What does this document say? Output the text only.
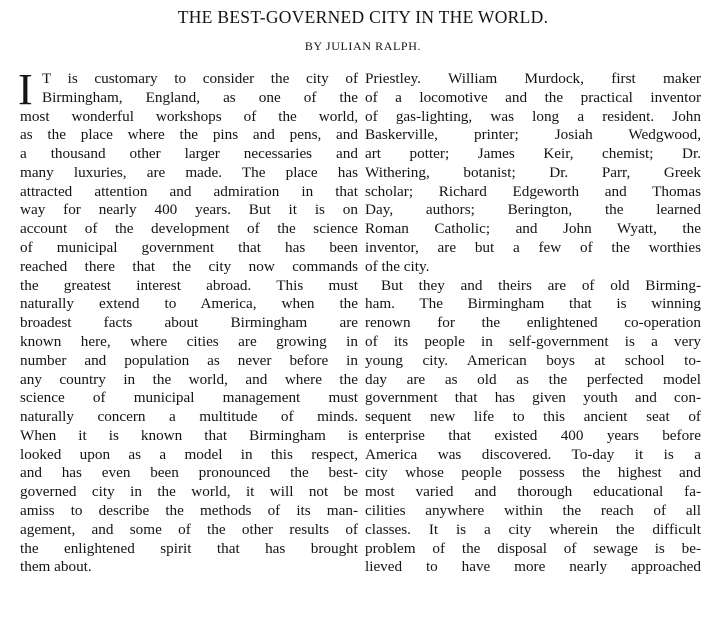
THE BEST-GOVERNED CITY IN THE WORLD.
BY JULIAN RALPH.
I T is customary to consider the city of
Birmingham, England, as one of the
most wonderful workshops of the world,
as the place where the pins and pens, and
a thousand other larger necessaries and
many luxuries, are made. The place has
attracted attention and admiration in that
way for nearly 400 years. But it is on
account of the development of the science
of municipal government that has been
reached there that the city now commands
the greatest interest abroad. This must
naturally extend to America, when the
broadest facts about Birmingham are
known here, where cities are growing in
number and population as never before in
any country in the world, and where the
science of municipal management must
naturally concern a multitude of minds.
When it is known that Birmingham is
looked upon as a model in this respect,
and has even been pronounced the best-
governed city in the world, it will not be
amiss to describe the methods of its man-
agement, and some of the other results of
the enlightened spirit that has brought
them about.
Priestley. William Murdock, first maker
of a locomotive and the practical inventor
of gas-lighting, was long a resident. John
Baskerville, printer; Josiah Wedgwood,
art potter; James Keir, chemist; Dr.
Withering, botanist; Dr. Parr, Greek
scholar; Richard Edgeworth and Thomas
Day, authors; Berington, the learned
Roman Catholic; and John Wyatt, the
inventor, are but a few of the worthies
of the city.
But they and theirs are of old Birming-
ham. The Birmingham that is winning
renown for the enlightened co-operation
of its people in self-government is a very
young city. American boys at school to-
day are as old as the perfected model
government that has given youth and con-
sequent new life to this ancient seat of
enterprise that existed 400 years before
America was discovered. To-day it is a
city whose people possess the highest and
most varied and thorough educational fa-
cilities anywhere within the reach of all
classes. It is a city wherein the difficult
problem of the disposal of sewage is be-
lieved to have more nearly approached
